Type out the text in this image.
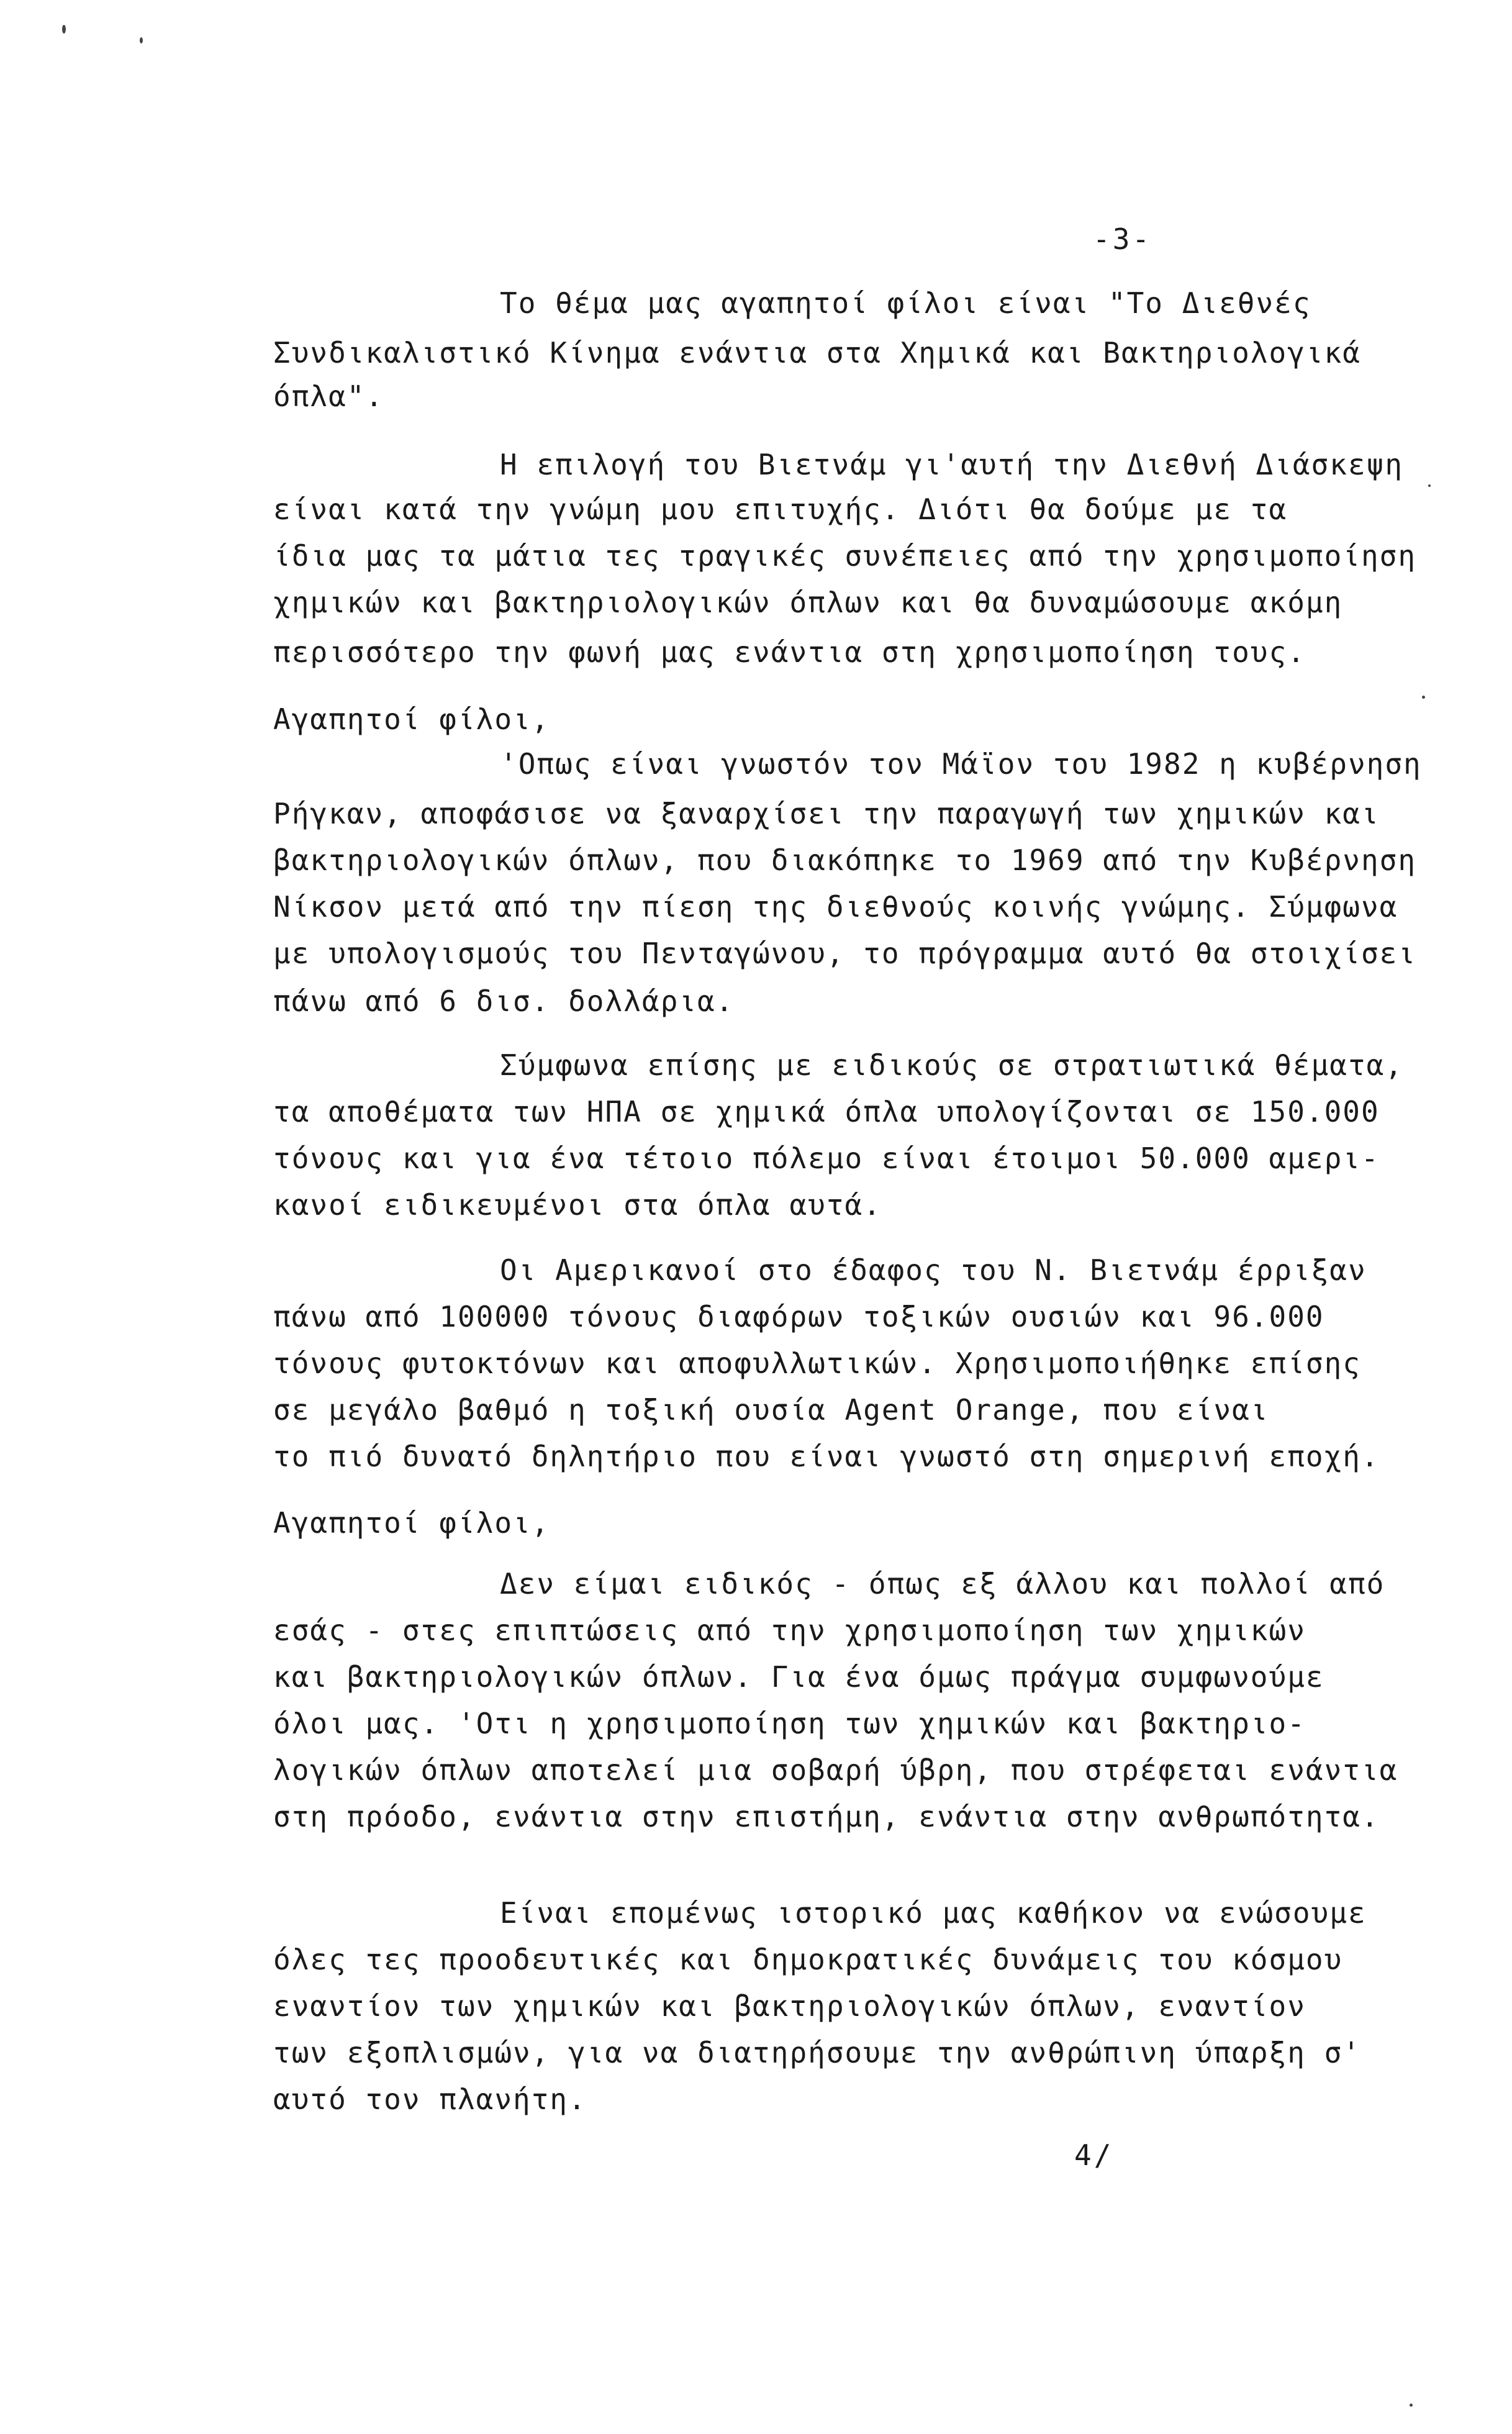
-3-
Το θέμα μας αγαπητοί φίλοι είναι "Το Διεθνές
Συνδικαλιστικό Κίνημα ενάντια στα Χημικά και Βακτηριολογικά
όπλα".
Η επιλογή του Βιετνάμ γι'αυτή την Διεθνή Διάσκεψη
είναι κατά την γνώμη μου επιτυχής. Διότι θα δούμε με τα
ίδια μας τα μάτια τες τραγικές συνέπειες από την χρησιμοποίηση
χημικών και βακτηριολογικών όπλων και θα δυναμώσουμε ακόμη
περισσότερο την φωνή μας ενάντια στη χρησιμοποίηση τους.
Αγαπητοί φίλοι,
'Οπως είναι γνωστόν τον Μάϊον του 1982 η κυβέρνηση
Ρήγκαν, αποφάσισε να ξαναρχίσει την παραγωγή των χημικών και
βακτηριολογικών όπλων, που διακόπηκε το 1969 από την Κυβέρνηση
Νίκσον μετά από την πίεση της διεθνούς κοινής γνώμης. Σύμφωνα
με υπολογισμούς του Πενταγώνου, το πρόγραμμα αυτό θα στοιχίσει
πάνω από 6 δισ. δολλάρια.
Σύμφωνα επίσης με ειδικούς σε στρατιωτικά θέματα,
τα αποθέματα των ΗΠΑ σε χημικά όπλα υπολογίζονται σε 150.000
τόνους και για ένα τέτοιο πόλεμο είναι έτοιμοι 50.000 αμερι-
κανοί ειδικευμένοι στα όπλα αυτά.
Οι Αμερικανοί στο έδαφος του Ν. Βιετνάμ έρριξαν
πάνω από 100000 τόνους διαφόρων τοξικών ουσιών και 96.000
τόνους φυτοκτόνων και αποφυλλωτικών. Χρησιμοποιήθηκε επίσης
σε μεγάλο βαθμό η τοξική ουσία Agent Orange, που είναι
το πιό δυνατό δηλητήριο που είναι γνωστό στη σημερινή εποχή.
Αγαπητοί φίλοι,
Δεν είμαι ειδικός - όπως εξ άλλου και πολλοί από
εσάς - στες επιπτώσεις από την χρησιμοποίηση των χημικών
και βακτηριολογικών όπλων. Για ένα όμως πράγμα συμφωνούμε
όλοι μας. 'Οτι η χρησιμοποίηση των χημικών και βακτηριο-
λογικών όπλων αποτελεί μια σοβαρή ύβρη, που στρέφεται ενάντια
στη πρόοδο, ενάντια στην επιστήμη, ενάντια στην ανθρωπότητα.
Είναι επομένως ιστορικό μας καθήκον να ενώσουμε
όλες τες προοδευτικές και δημοκρατικές δυνάμεις του κόσμου
εναντίον των χημικών και βακτηριολογικών όπλων, εναντίον
των εξοπλισμών, για να διατηρήσουμε την ανθρώπινη ύπαρξη σ'
αυτό τον πλανήτη.
4/
